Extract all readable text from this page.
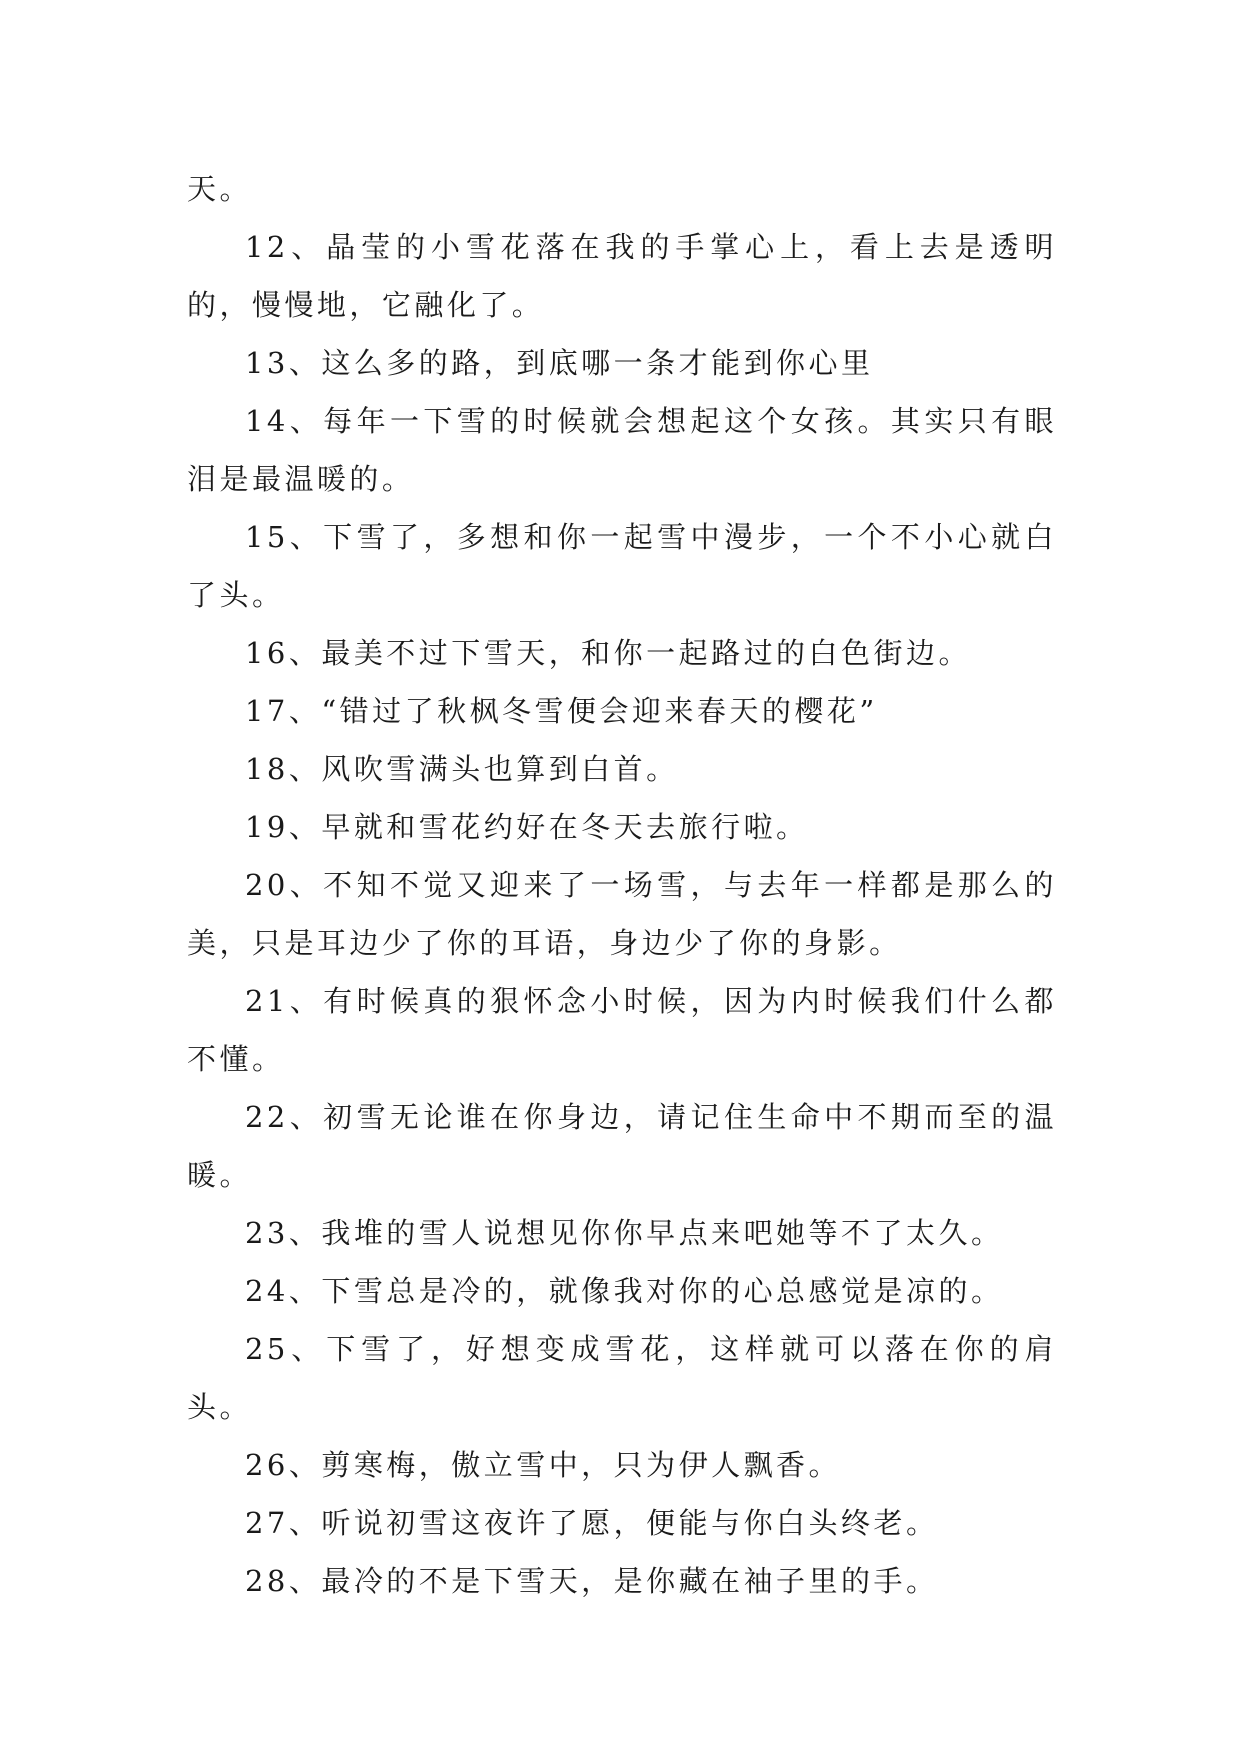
天。

12、晶莹的小雪花落在我的手掌心上，看上去是透明的，慢慢地，它融化了。

13、这么多的路，到底哪一条才能到你心里

14、每年一下雪的时候就会想起这个女孩。其实只有眼泪是最温暖的。

15、下雪了，多想和你一起雪中漫步，一个不小心就白了头。

16、最美不过下雪天，和你一起路过的白色街边。

17、“错过了秋枫冬雪便会迎来春天的樱花”

18、风吹雪满头也算到白首。

19、早就和雪花约好在冬天去旅行啦。

20、不知不觉又迎来了一场雪，与去年一样都是那么的美，只是耳边少了你的耳语，身边少了你的身影。

21、有时候真的狠怀念小时候，因为内时候我们什么都不懂。

22、初雪无论谁在你身边，请记住生命中不期而至的温暖。

23、我堆的雪人说想见你你早点来吧她等不了太久。

24、下雪总是冷的，就像我对你的心总感觉是凉的。

25、下雪了，好想变成雪花，这样就可以落在你的肩头。

26、剪寒梅，傲立雪中，只为伊人飘香。

27、听说初雪这夜许了愿，便能与你白头终老。

28、最冷的不是下雪天，是你藏在袖子里的手。
